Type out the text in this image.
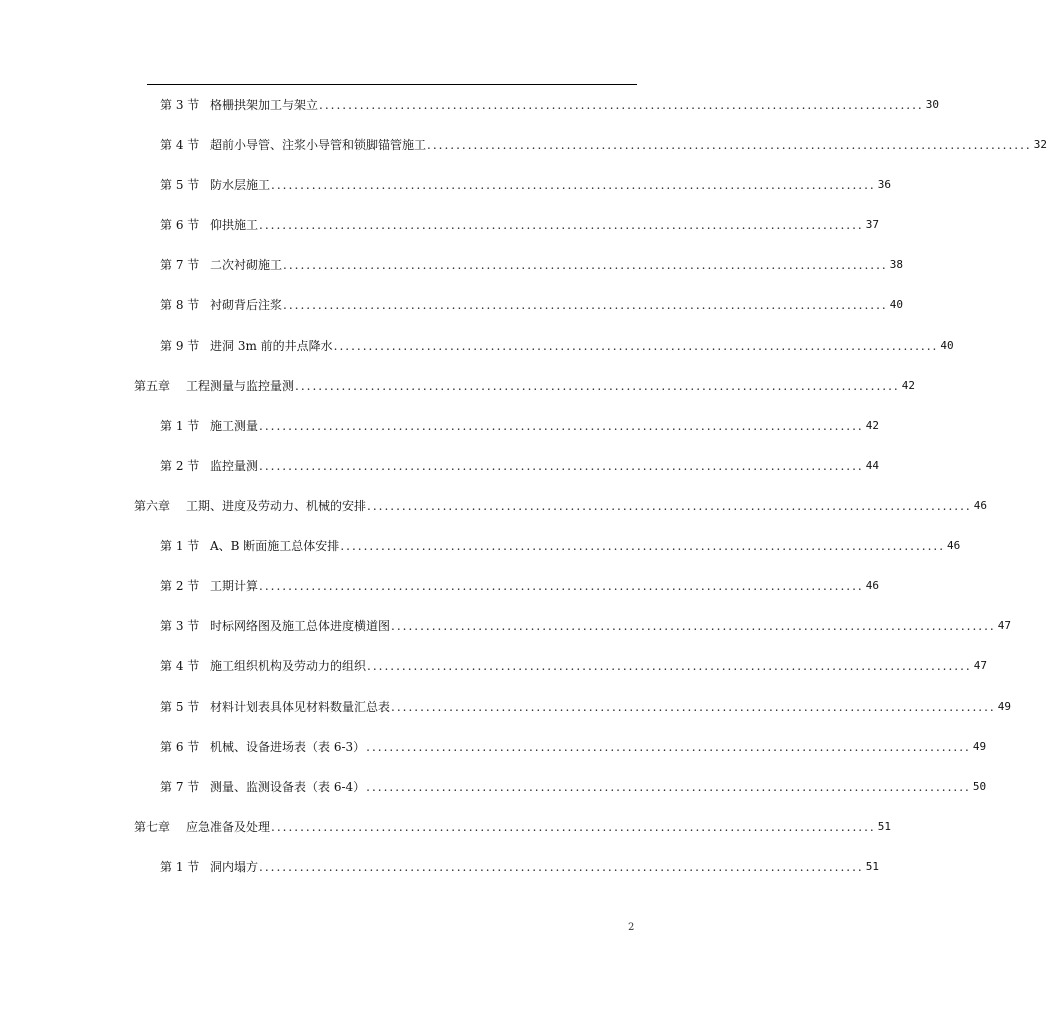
第 3 节 格栅拱架加工与架立 ........................................................................................................ 30
第 4 节 超前小导管、注浆小导管和锁脚锚管施工 ........................................................................................................ 32
第 5 节 防水层施工 ........................................................................................................ 36
第 6 节 仰拱施工 ........................................................................................................ 37
第 7 节 二次衬砌施工 ........................................................................................................ 38
第 8 节 衬砌背后注浆 ........................................................................................................ 40
第 9 节 进洞 3m 前的井点降水 ........................................................................................................ 40
第五章	工程测量与监控量测 ........................................................................................................ 42
第 1 节 施工测量 ........................................................................................................ 42
第 2 节 监控量测 ........................................................................................................ 44
第六章	工期、进度及劳动力、机械的安排 ........................................................................................................ 46
第 1 节 A、B 断面施工总体安排 ........................................................................................................ 46
第 2 节 工期计算 ........................................................................................................ 46
第 3 节 时标网络图及施工总体进度横道图 ........................................................................................................ 47
第 4 节 施工组织机构及劳动力的组织 ........................................................................................................ 47
第 5 节 材料计划表具体见材料数量汇总表 ........................................................................................................ 49
第 6 节 机械、设备进场表（表 6-3） ........................................................................................................ 49
第 7 节 测量、监测设备表（表 6-4） ........................................................................................................ 50
第七章	应急准备及处理 ........................................................................................................ 51
第 1 节 洞内塌方 ........................................................................................................ 51
2
